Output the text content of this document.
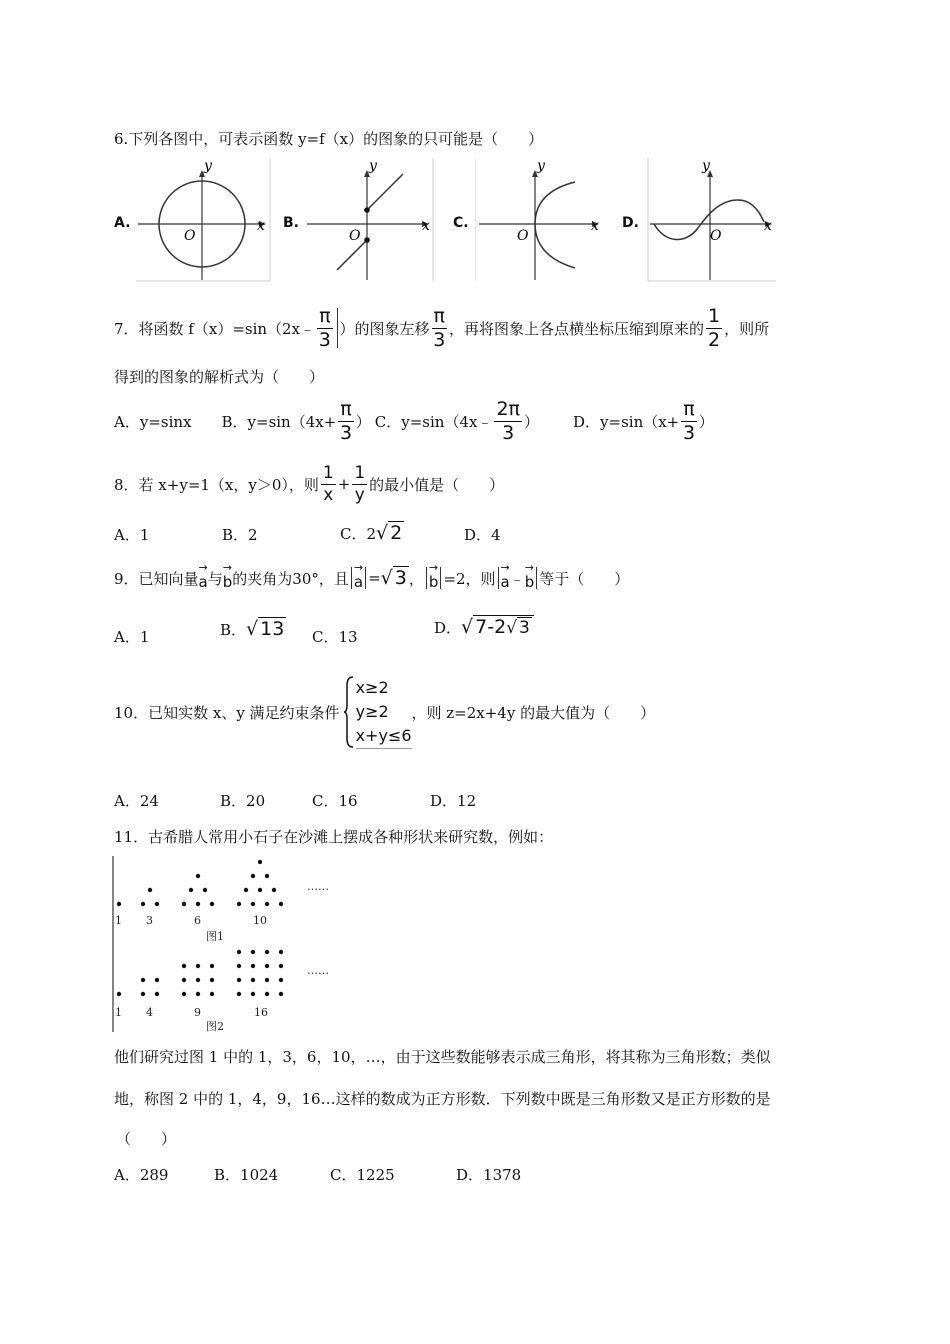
6.下列各图中，可表示函数 y=f（x）的图象的只可能是（　　）
A.
y
x
O
B.
y
x
O
C.
y
x
O
D.
y
x
O
7．将函数 f（x）=sin（2x﹣ $\frac{\pi}{3}$ ）的图象左移 $\frac{\pi}{3}$ ，再将图象上各点横坐标压缩到原来的 $\frac{1}{2}$ ，则所
得到的图象的解析式为（　　）
A．y=sinx B．$y=\sin(4x+ \frac{\pi}{3}$ ） C．y=sin（4x﹣ $\frac{2\pi}{3}$ ） D．$y=\sin(x+ \frac{\pi}{3}$ ）
8．若 x+y=1（x，y＞0），则 $\frac{1}{x} + \frac{1}{y}$ 的最小值是（　　）
A．1	B．2	C．2 √ 2	D．4
9．已知向量
→
a 与
→
b 的夹角为30°，且
→
a = √ 3 ，
→
b =2，则
→
a ﹣
→
b 等于（　　）
A．1	B． √ 13 C．13
D． √ 7-2√ 3
10．已知实数 x、y 满足约束条件
x≥2
y≥2
x+y≤6
，则 z=2x+4y 的最大值为（　　）
A．24	B．20	C．16	D．12
11．古希腊人常用小石子在沙滩上摆成各种形状来研究数，例如：
……
1 3	6	10
图1
……
1 4	9	16
图2
他们研究过图 1 中的 1，3，6，10，…，由于这些数能够表示成三角形，将其称为三角形数；类似
地，称图 2 中的 1，4，9，16…这样的数成为正方形数．下列数中既是三角形数又是正方形数的是
（　　）
A．289	B．1024	C．1225	D．1378
